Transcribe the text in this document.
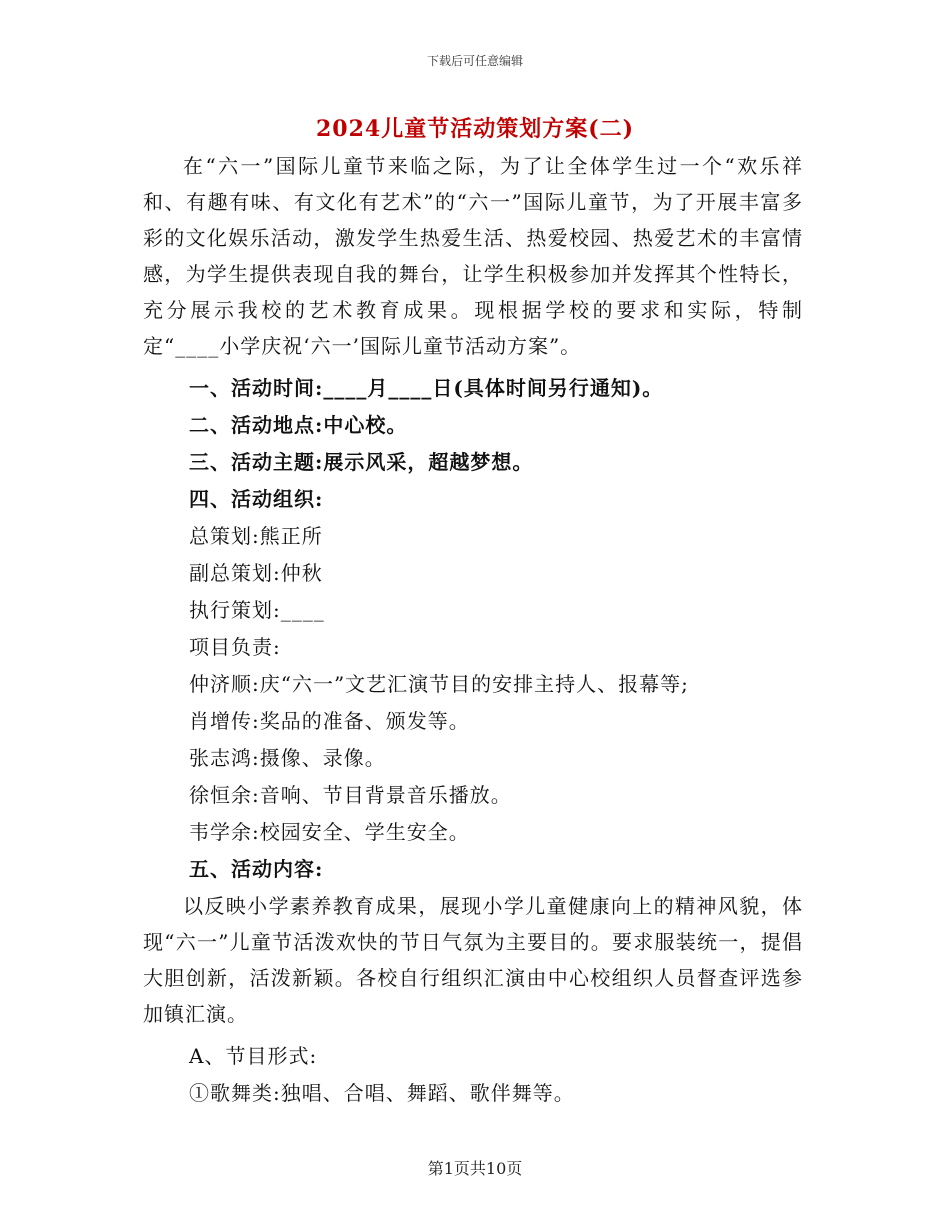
下载后可任意编辑
2024儿童节活动策划方案(二)

在“六一”国际儿童节来临之际，为了让全体学生过一个“欢乐祥和、有趣有味、有文化有艺术”的“六一”国际儿童节，为了开展丰富多彩的文化娱乐活动，激发学生热爱生活、热爱校园、热爱艺术的丰富情感，为学生提供表现自我的舞台，让学生积极参加并发挥其个性特长，充分展示我校的艺术教育成果。现根据学校的要求和实际，特制定“____小学庆祝‘六一’国际儿童节活动方案”。

一、活动时间:____月____日(具体时间另行通知)。

二、活动地点:中心校。

三、活动主题:展示风采，超越梦想。

四、活动组织:

总策划:熊正所

副总策划:仲秋

执行策划:____

项目负责:

仲济顺:庆“六一”文艺汇演节目的安排主持人、报幕等;

肖增传:奖品的准备、颁发等。

张志鸿:摄像、录像。

徐恒余:音响、节目背景音乐播放。

韦学余:校园安全、学生安全。

五、活动内容:

以反映小学素养教育成果，展现小学儿童健康向上的精神风貌，体现“六一”儿童节活泼欢快的节日气氛为主要目的。要求服装统一，提倡大胆创新，活泼新颖。各校自行组织汇演由中心校组织人员督查评选参加镇汇演。

A、节目形式:

①歌舞类:独唱、合唱、舞蹈、歌伴舞等。

第1页共10页
